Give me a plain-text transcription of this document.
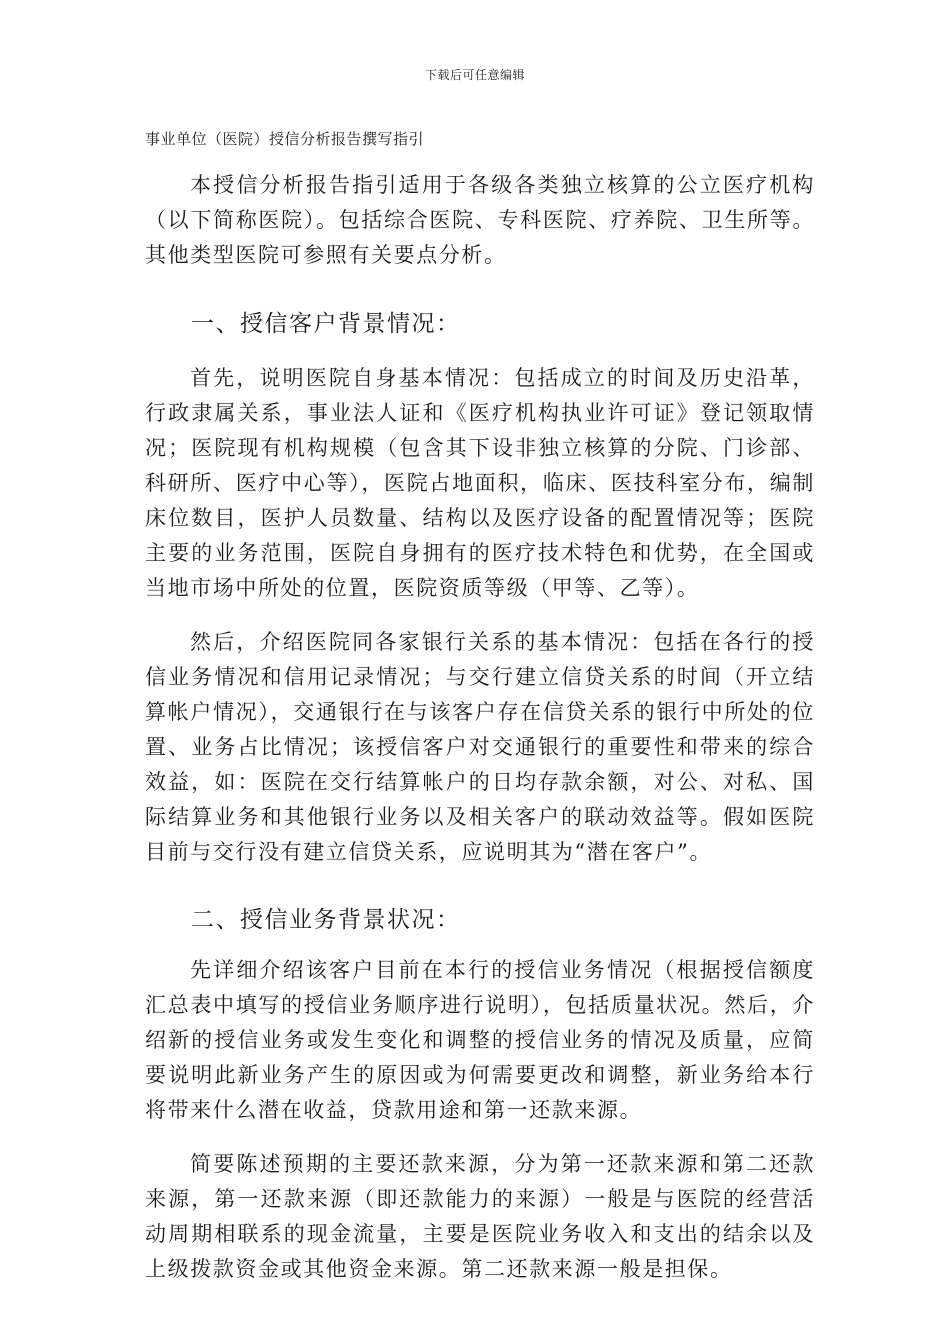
下载后可任意编辑
事业单位（医院）授信分析报告撰写指引

本授信分析报告指引适用于各级各类独立核算的公立医疗机构（以下简称医院）。包括综合医院、专科医院、疗养院、卫生所等。其他类型医院可参照有关要点分析。

一、授信客户背景情况：

首先，说明医院自身基本情况：包括成立的时间及历史沿革，行政隶属关系，事业法人证和《医疗机构执业许可证》登记领取情况；医院现有机构规模（包含其下设非独立核算的分院、门诊部、科研所、医疗中心等），医院占地面积，临床、医技科室分布，编制床位数目，医护人员数量、结构以及医疗设备的配置情况等；医院主要的业务范围，医院自身拥有的医疗技术特色和优势，在全国或当地市场中所处的位置，医院资质等级（甲等、乙等）。

然后，介绍医院同各家银行关系的基本情况：包括在各行的授信业务情况和信用记录情况；与交行建立信贷关系的时间（开立结算帐户情况），交通银行在与该客户存在信贷关系的银行中所处的位置、业务占比情况；该授信客户对交通银行的重要性和带来的综合效益，如：医院在交行结算帐户的日均存款余额，对公、对私、国际结算业务和其他银行业务以及相关客户的联动效益等。假如医院目前与交行没有建立信贷关系，应说明其为“潜在客户”。

二、授信业务背景状况：

先详细介绍该客户目前在本行的授信业务情况（根据授信额度汇总表中填写的授信业务顺序进行说明），包括质量状况。然后，介绍新的授信业务或发生变化和调整的授信业务的情况及质量，应简要说明此新业务产生的原因或为何需要更改和调整，新业务给本行将带来什么潜在收益，贷款用途和第一还款来源。

简要陈述预期的主要还款来源，分为第一还款来源和第二还款来源，第一还款来源（即还款能力的来源）一般是与医院的经营活动周期相联系的现金流量，主要是医院业务收入和支出的结余以及上级拨款资金或其他资金来源。第二还款来源一般是担保。
